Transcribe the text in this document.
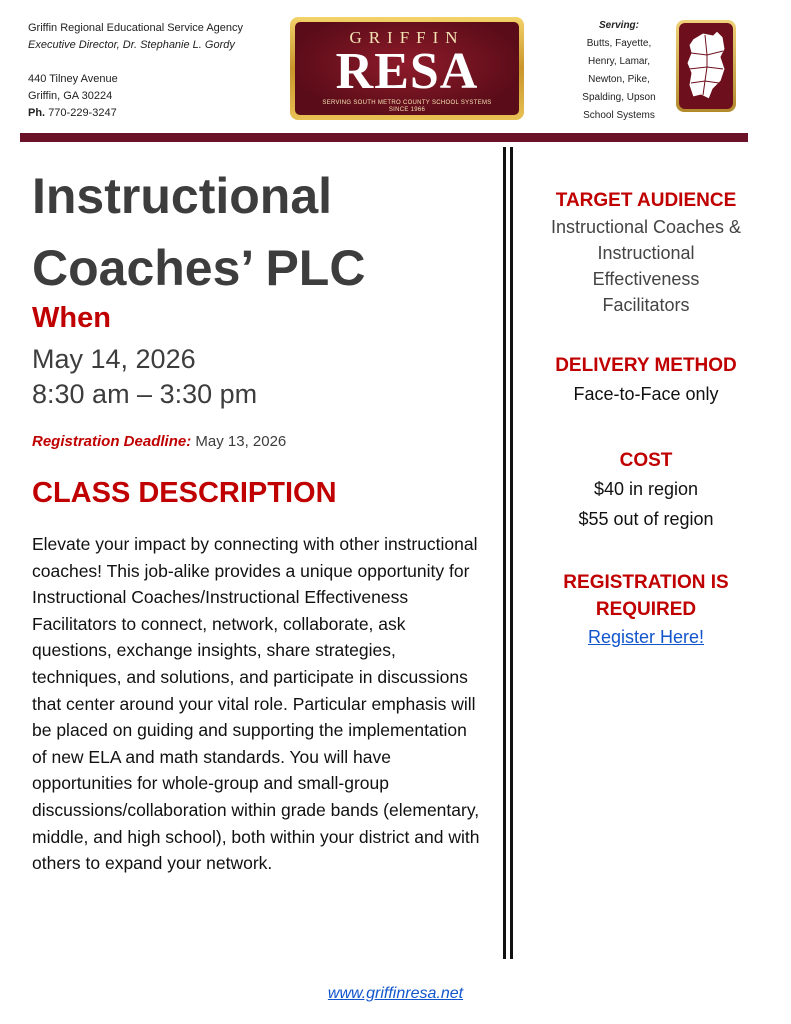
Griffin Regional Educational Service Agency
Executive Director, Dr. Stephanie L. Gordy
440 Tilney Avenue
Griffin, GA 30224
Ph. 770-229-3247
GRIFFIN
RESA
SERVING SOUTH METRO COUNTY SCHOOL SYSTEMS
SINCE 1966
Serving:
Butts, Fayette,
Henry, Lamar,
Newton, Pike,
Spalding, Upson
School Systems
Instructional
Coaches’ PLC
When
May 14, 2026
8:30 am – 3:30 pm
Registration Deadline: May 13, 2026
CLASS DESCRIPTION
Elevate your impact by connecting with other instructional coaches! This job-alike provides a unique opportunity for Instructional Coaches/Instructional Effectiveness Facilitators to connect, network, collaborate, ask questions, exchange insights, share strategies, techniques, and solutions, and participate in discussions that center around your vital role. Particular emphasis will be placed on guiding and supporting the implementation of new ELA and math standards. You will have opportunities for whole-group and small-group discussions/collaboration within grade bands (elementary, middle, and high school), both within your district and with others to expand your network.
TARGET AUDIENCE
Instructional Coaches &
Instructional
Effectiveness
Facilitators
DELIVERY METHOD
Face-to-Face only
COST
$40 in region
$55 out of region
REGISTRATION IS
REQUIRED
Register Here!
www.griffinresa.net
